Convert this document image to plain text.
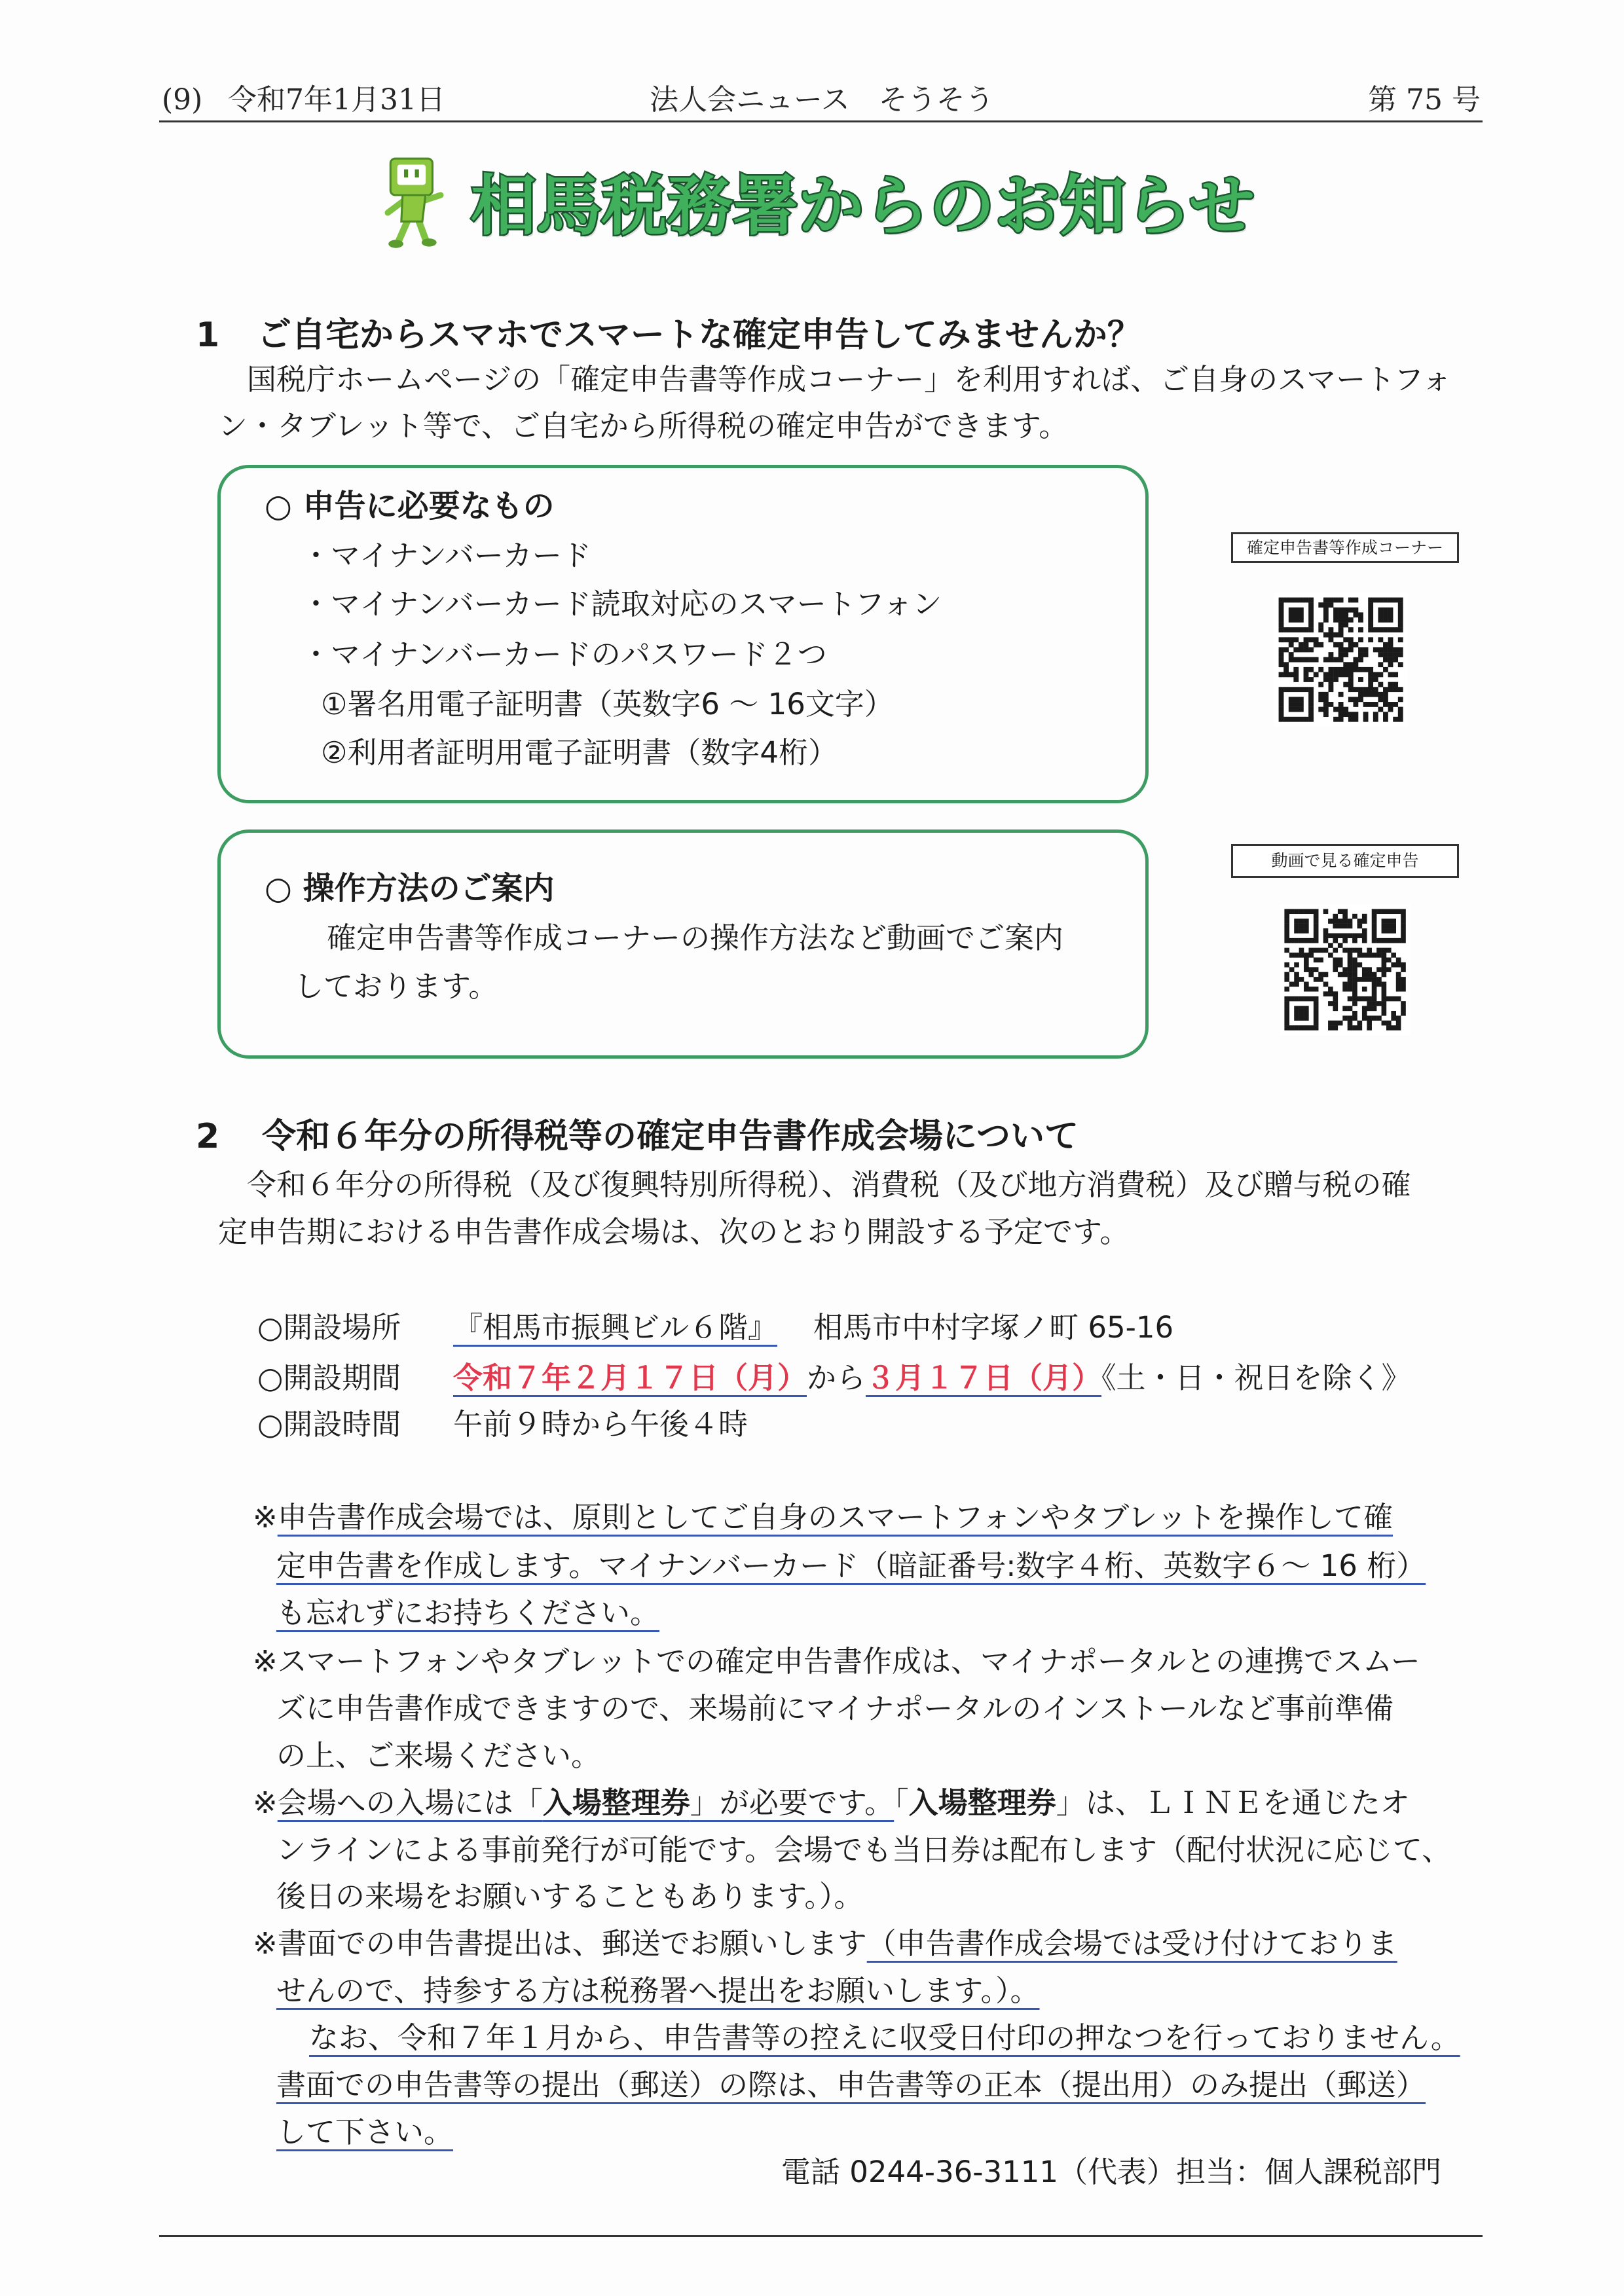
(9) 令和7年1月31日	法人会ニュース　そうそう	第 75 号
相馬税務署からのお知らせ
1 ご自宅からスマホでスマートな確定申告してみませんか？
国税庁ホームページの「確定申告書等作成コーナー」を利用すれば、ご自身のスマートフォ
ン・タブレット等で、ご自宅から所得税の確定申告ができます。
○ 申告に必要なもの
・マイナンバーカード
・マイナンバーカード読取対応のスマートフォン
・マイナンバーカードのパスワード２つ
①署名用電子証明書（英数字6 ～ 16文字）
②利用者証明用電子証明書（数字4桁）
確定申告書等作成コーナー
○ 操作方法のご案内
確定申告書等作成コーナーの操作方法など動画でご案内
しております。
動画で見る確定申告
2 令和６年分の所得税等の確定申告書作成会場について
令和６年分の所得税（及び復興特別所得税）、消費税（及び地方消費税）及び贈与税の確
定申告期における申告書作成会場は、次のとおり開設する予定です。
○開設場所 『相馬市振興ビル６階』 相馬市中村字塚ノ町 65-16
○開設期間 令和７年２月１７日（月）から３月１７日（月）《土・日・祝日を除く》
○開設時間 午前９時から午後４時
※申告書作成会場では、原則としてご自身のスマートフォンやタブレットを操作して確
定申告書を作成します。マイナンバーカード（暗証番号:数字４桁、英数字６～ 16 桁）
も忘れずにお持ちください。
※スマートフォンやタブレットでの確定申告書作成は、マイナポータルとの連携でスムー
ズに申告書作成できますので、来場前にマイナポータルのインストールなど事前準備
の上、ご来場ください。
※会場への入場には「入場整理券」が必要です。「入場整理券」は、ＬＩＮＥを通じたオ
ンラインによる事前発行が可能です。会場でも当日券は配布します（配付状況に応じて、
後日の来場をお願いすることもあります。）。
※書面での申告書提出は、郵送でお願いします（申告書作成会場では受け付けておりま
せんので、持参する方は税務署へ提出をお願いします。）。
なお、令和７年１月から、申告書等の控えに収受日付印の押なつを行っておりません。
書面での申告書等の提出（郵送）の際は、申告書等の正本（提出用）のみ提出（郵送）
して下さい。
電話 0244-36-3111（代表）担当：個人課税部門
